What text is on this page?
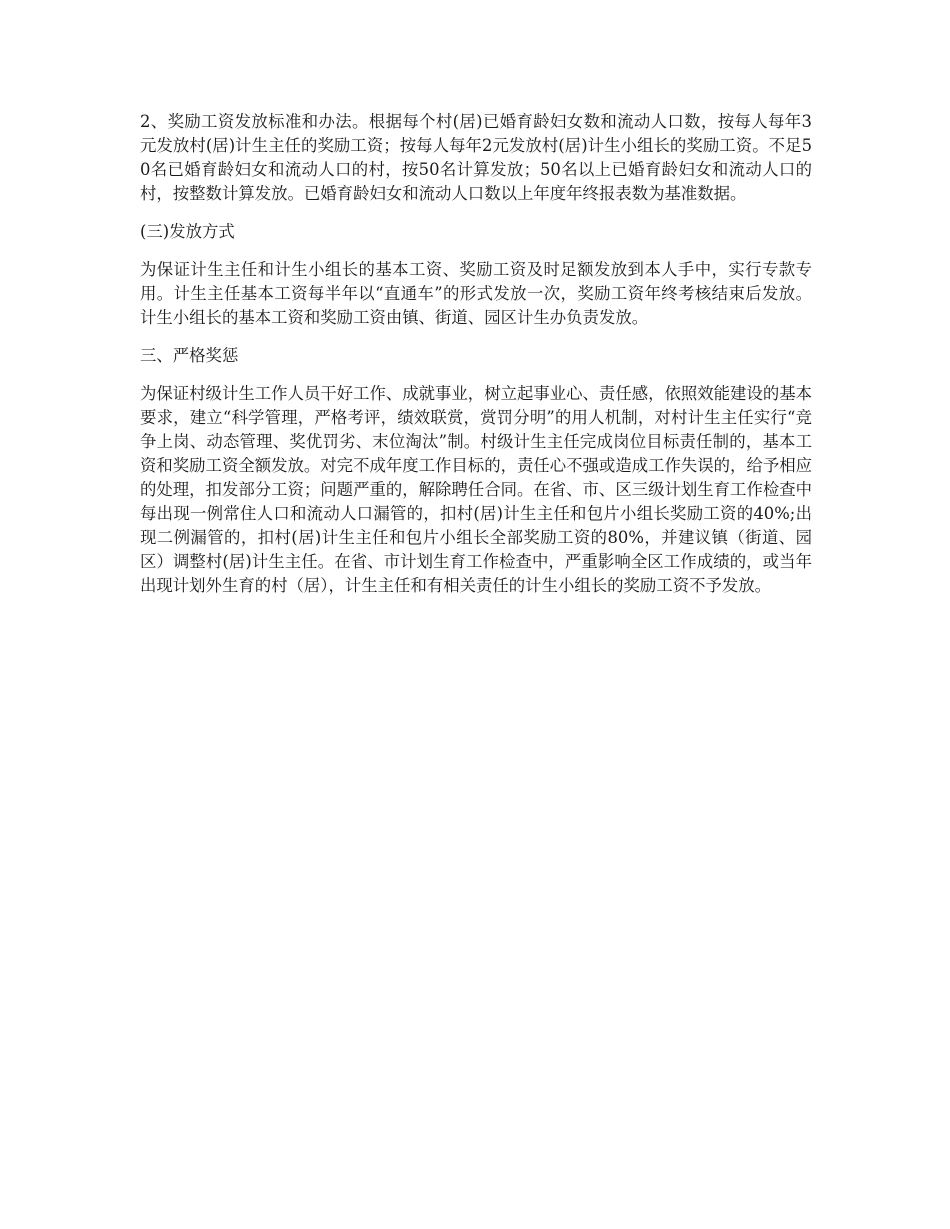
2、奖励工资发放标准和办法。根据每个村(居)已婚育龄妇女数和流动人口数，按每人每年3元发放村(居)计生主任的奖励工资；按每人每年2元发放村(居)计生小组长的奖励工资。不足50名已婚育龄妇女和流动人口的村，按50名计算发放；50名以上已婚育龄妇女和流动人口的村，按整数计算发放。已婚育龄妇女和流动人口数以上年度年终报表数为基准数据。

(三)发放方式

为保证计生主任和计生小组长的基本工资、奖励工资及时足额发放到本人手中，实行专款专用。计生主任基本工资每半年以“直通车”的形式发放一次，奖励工资年终考核结束后发放。计生小组长的基本工资和奖励工资由镇、街道、园区计生办负责发放。

三、严格奖惩

为保证村级计生工作人员干好工作、成就事业，树立起事业心、责任感，依照效能建设的基本要求，建立“科学管理，严格考评，绩效联赏，赏罚分明”的用人机制，对村计生主任实行“竞争上岗、动态管理、奖优罚劣、末位淘汰”制。村级计生主任完成岗位目标责任制的，基本工资和奖励工资全额发放。对完不成年度工作目标的，责任心不强或造成工作失误的，给予相应的处理，扣发部分工资；问题严重的，解除聘任合同。在省、市、区三级计划生育工作检查中每出现一例常住人口和流动人口漏管的，扣村(居)计生主任和包片小组长奖励工资的40%;出现二例漏管的，扣村(居)计生主任和包片小组长全部奖励工资的80%，并建议镇（街道、园区）调整村(居)计生主任。在省、市计划生育工作检查中，严重影响全区工作成绩的，或当年出现计划外生育的村（居），计生主任和有相关责任的计生小组长的奖励工资不予发放。
